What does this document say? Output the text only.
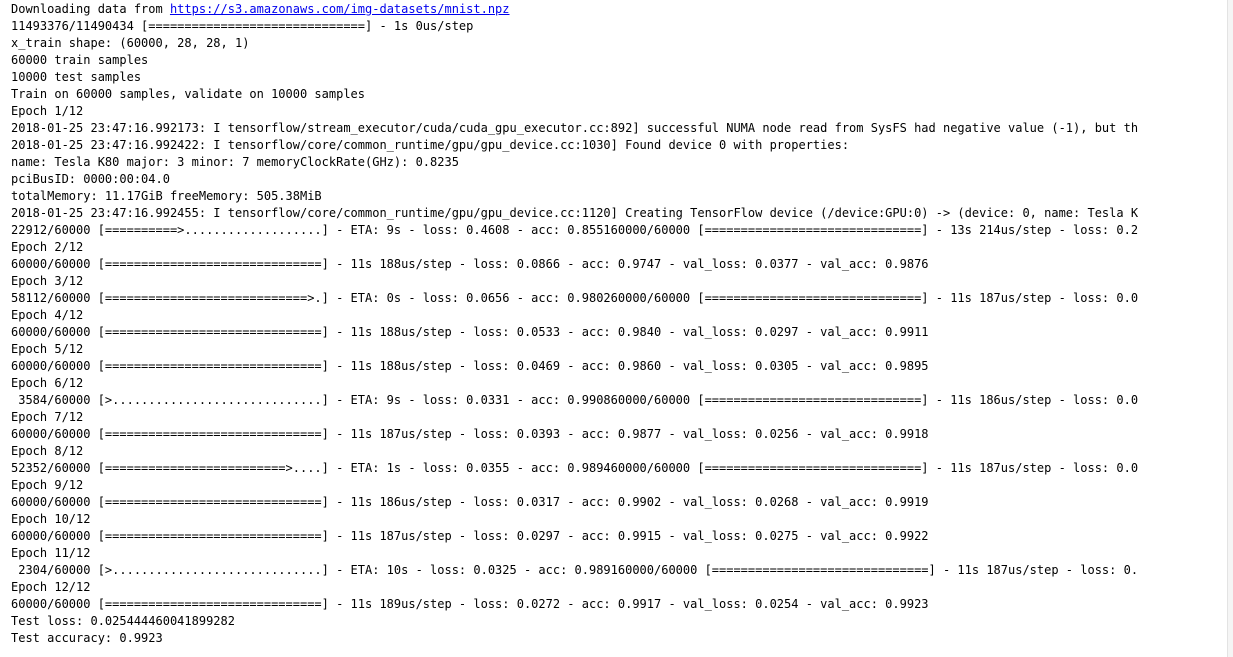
Downloading data from https://s3.amazonaws.com/img-datasets/mnist.npz
11493376/11490434 [==============================] - 1s 0us/step
x_train shape: (60000, 28, 28, 1)
60000 train samples
10000 test samples
Train on 60000 samples, validate on 10000 samples
Epoch 1/12
2018-01-25 23:47:16.992173: I tensorflow/stream_executor/cuda/cuda_gpu_executor.cc:892] successful NUMA node read from SysFS had negative value (-1), but th
2018-01-25 23:47:16.992422: I tensorflow/core/common_runtime/gpu/gpu_device.cc:1030] Found device 0 with properties:
name: Tesla K80 major: 3 minor: 7 memoryClockRate(GHz): 0.8235
pciBusID: 0000:00:04.0
totalMemory: 11.17GiB freeMemory: 505.38MiB
2018-01-25 23:47:16.992455: I tensorflow/core/common_runtime/gpu/gpu_device.cc:1120] Creating TensorFlow device (/device:GPU:0) -> (device: 0, name: Tesla K
22912/60000 [==========>...................] - ETA: 9s - loss: 0.4608 - acc: 0.855160000/60000 [==============================] - 13s 214us/step - loss: 0.2
Epoch 2/12
60000/60000 [==============================] - 11s 188us/step - loss: 0.0866 - acc: 0.9747 - val_loss: 0.0377 - val_acc: 0.9876
Epoch 3/12
58112/60000 [============================>.] - ETA: 0s - loss: 0.0656 - acc: 0.980260000/60000 [==============================] - 11s 187us/step - loss: 0.0
Epoch 4/12
60000/60000 [==============================] - 11s 188us/step - loss: 0.0533 - acc: 0.9840 - val_loss: 0.0297 - val_acc: 0.9911
Epoch 5/12
60000/60000 [==============================] - 11s 188us/step - loss: 0.0469 - acc: 0.9860 - val_loss: 0.0305 - val_acc: 0.9895
Epoch 6/12
3584/60000 [>.............................] - ETA: 9s - loss: 0.0331 - acc: 0.990860000/60000 [==============================] - 11s 186us/step - loss: 0.0
Epoch 7/12
60000/60000 [==============================] - 11s 187us/step - loss: 0.0393 - acc: 0.9877 - val_loss: 0.0256 - val_acc: 0.9918
Epoch 8/12
52352/60000 [=========================>....] - ETA: 1s - loss: 0.0355 - acc: 0.989460000/60000 [==============================] - 11s 187us/step - loss: 0.0
Epoch 9/12
60000/60000 [==============================] - 11s 186us/step - loss: 0.0317 - acc: 0.9902 - val_loss: 0.0268 - val_acc: 0.9919
Epoch 10/12
60000/60000 [==============================] - 11s 187us/step - loss: 0.0297 - acc: 0.9915 - val_loss: 0.0275 - val_acc: 0.9922
Epoch 11/12
2304/60000 [>.............................] - ETA: 10s - loss: 0.0325 - acc: 0.989160000/60000 [==============================] - 11s 187us/step - loss: 0.
Epoch 12/12
60000/60000 [==============================] - 11s 189us/step - loss: 0.0272 - acc: 0.9917 - val_loss: 0.0254 - val_acc: 0.9923
Test loss: 0.025444460041899282
Test accuracy: 0.9923
